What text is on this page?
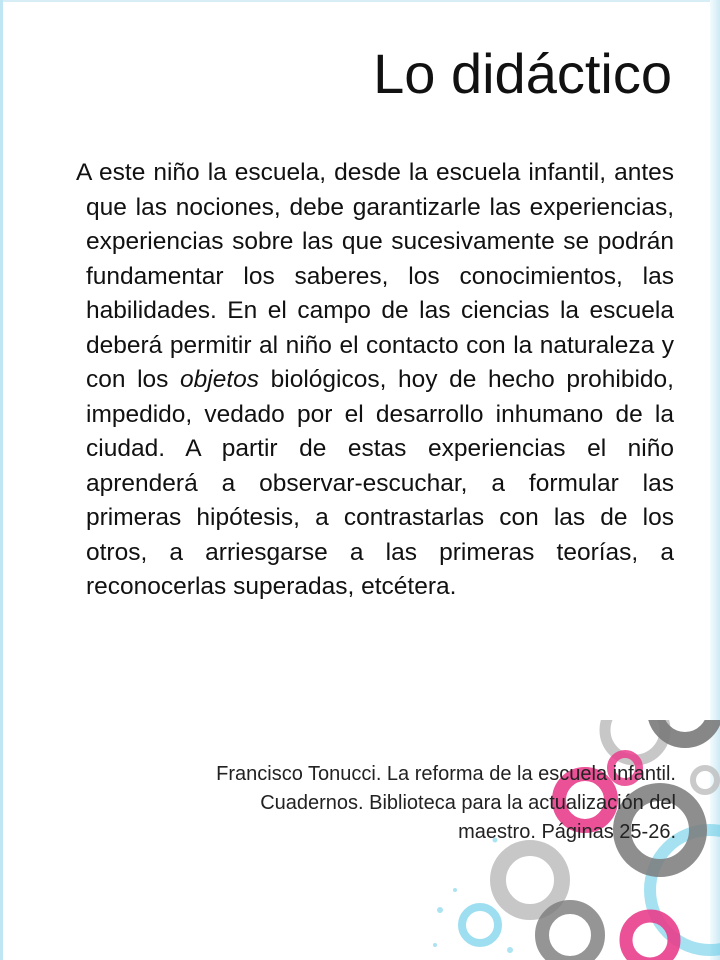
Lo didáctico

A este niño la escuela, desde la escuela infantil, antes que las nociones, debe garantizarle las experiencias, experiencias sobre las que sucesivamente se podrán fundamentar los saberes, los conocimientos, las habilidades. En el campo de las ciencias la escuela deberá permitir al niño el contacto con la naturaleza y con los objetos biológicos, hoy de hecho prohibido, impedido, vedado por el desarrollo inhumano de la ciudad. A partir de estas experiencias el niño aprenderá a observar-escuchar, a formular las primeras hipótesis, a contrastarlas con las de los otros, a arriesgarse a las primeras teorías, a reconocerlas superadas, etcétera.

Francisco Tonucci. La reforma de la escuela infantil.
Cuadernos. Biblioteca para la actualización del
maestro. Páginas 25-26.
